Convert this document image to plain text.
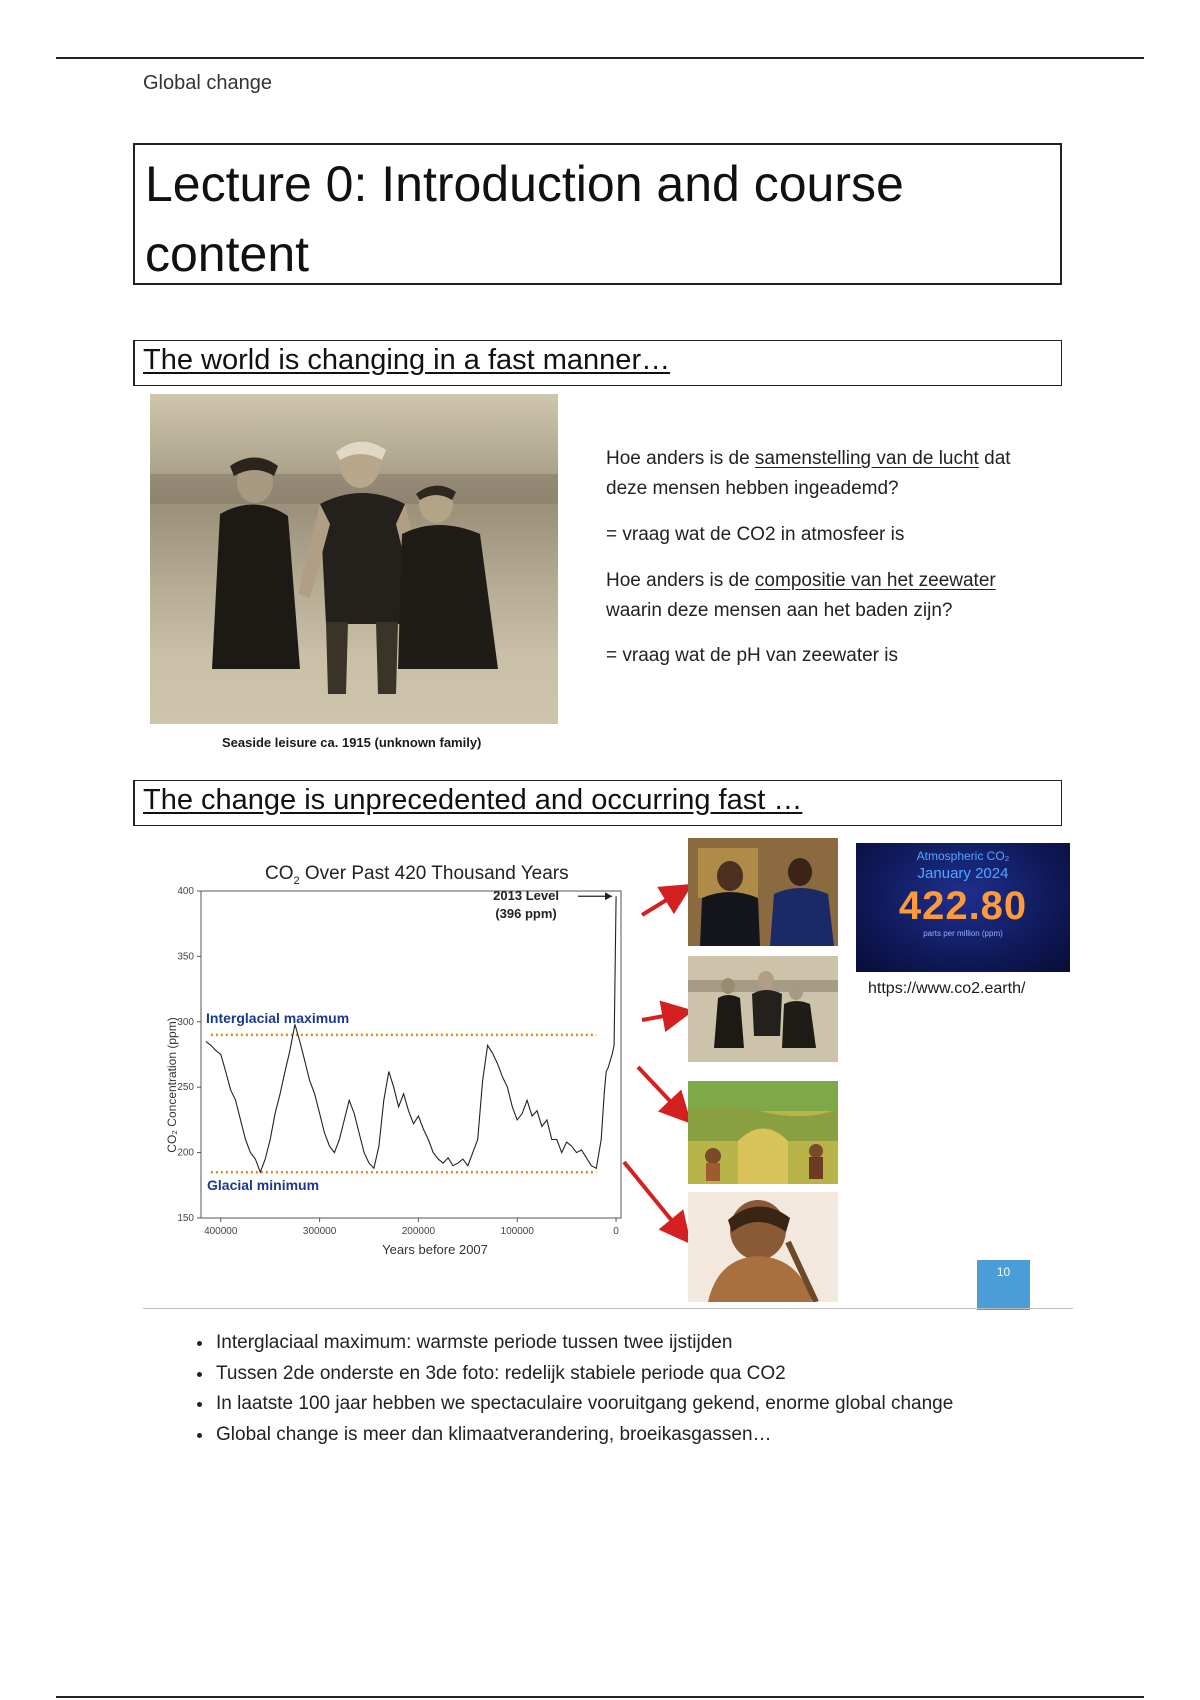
Global change
Lecture 0: Introduction and course content
The world is changing in a fast manner…
Seaside leisure ca. 1915 (unknown family)
Hoe anders is de samenstelling van de lucht dat deze mensen hebben ingeademd?
= vraag wat de CO2 in atmosfeer is
Hoe anders is de compositie van het zeewater waarin deze mensen aan het baden zijn?
= vraag wat de pH van zeewater is
The change is unprecedented and occurring fast …
$CO_2$ Over Past 420 Thousand Years
400
350
300
250
200
150
400000	300000	200000	100000	0
Interglacial maximum
Glacial minimum
2013 Level
(396 ppm)
CO₂ Concentration (ppm)
Years before 2007
Atmospheric CO₂
January 2024
422.80
parts per million (ppm)
https://www.co2.earth/
10
• Interglaciaal maximum: warmste periode tussen twee ijstijden
• Tussen 2de onderste en 3de foto: redelijk stabiele periode qua CO2
• In laatste 100 jaar hebben we spectaculaire vooruitgang gekend, enorme global change
• Global change is meer dan klimaatverandering, broeikasgassen…
